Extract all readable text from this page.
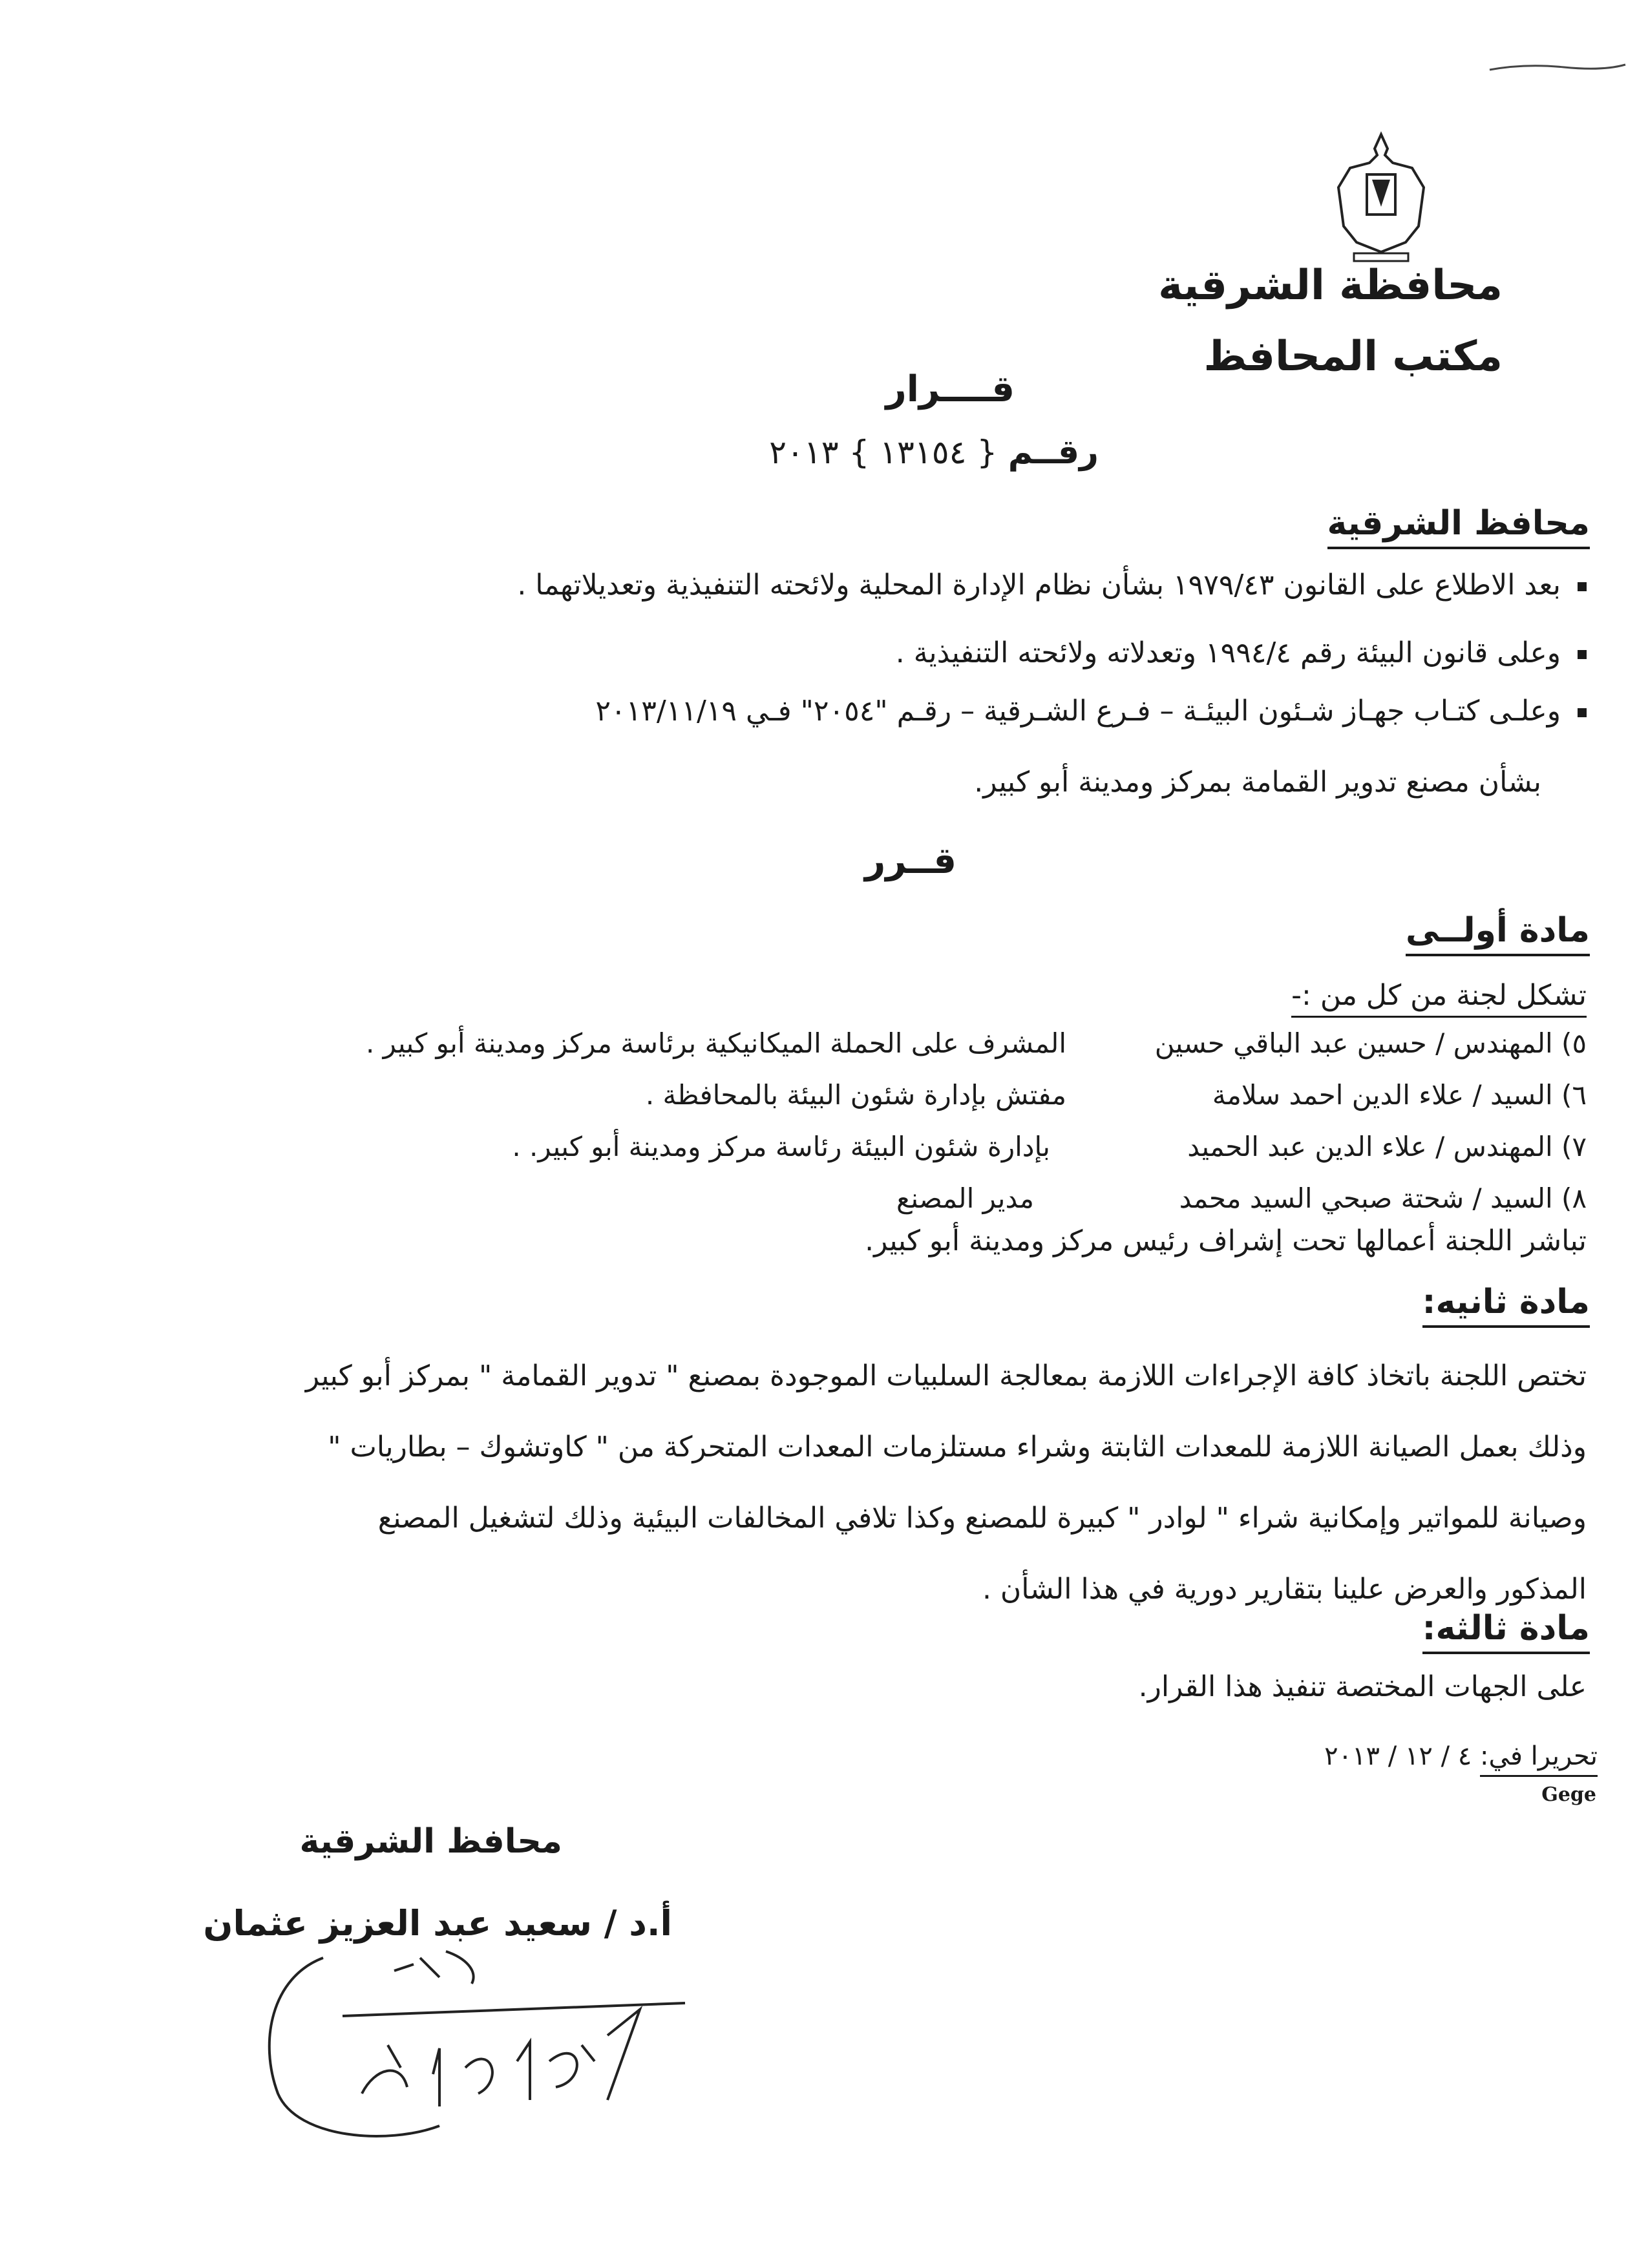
محافظة الشرقية
مكتب المحافظ
قــــرار
رقــم { ١٣١٥٤ } ٢٠١٣
محافظ الشرقية
بعد الاطلاع على القانون ١٩٧٩/٤٣ بشأن نظام الإدارة المحلية ولائحته التنفيذية وتعديلاتهما .
وعلى قانون البيئة رقم ١٩٩٤/٤ وتعدلاته ولائحته التنفيذية .
وعلـى كتـاب جهـاز شـئون البيئـة – فـرع الشـرقية – رقـم "٢٠٥٤" فـي ٢٠١٣/١١/١٩
بشأن مصنع تدوير القمامة بمركز ومدينة أبو كبير.
قــرر
مادة أولــى
تشكل لجنة من كل من :-
٥) المهندس / حسين عبد الباقي حسين
المشرف على الحملة الميكانيكية برئاسة مركز ومدينة أبو كبير .
٦) السيد / علاء الدين احمد سلامة
مفتش بإدارة شئون البيئة بالمحافظة .
٧) المهندس / علاء الدين عبد الحميد
بإدارة شئون البيئة رئاسة مركز ومدينة أبو كبير. .
٨) السيد / شحتة صبحي السيد محمد
مدير المصنع
تباشر اللجنة أعمالها تحت إشراف رئيس مركز ومدينة أبو كبير.
مادة ثانيه:
تختص اللجنة باتخاذ كافة الإجراءات اللازمة بمعالجة السلبيات الموجودة بمصنع " تدوير القمامة " بمركز أبو كبير
وذلك بعمل الصيانة اللازمة للمعدات الثابتة وشراء مستلزمات المعدات المتحركة من " كاوتشوك – بطاريات "
وصيانة للمواتير وإمكانية شراء " لوادر " كبيرة للمصنع وكذا تلافي المخالفات البيئية وذلك لتشغيل المصنع
المذكور والعرض علينا بتقارير دورية في هذا الشأن .
مادة ثالثه:
على الجهات المختصة تنفيذ هذا القرار.
تحريرا في: ٤ / ١٢ / ٢٠١٣
Gege
محافظ الشرقية
أ.د / سعيد عبد العزيز عثمان
